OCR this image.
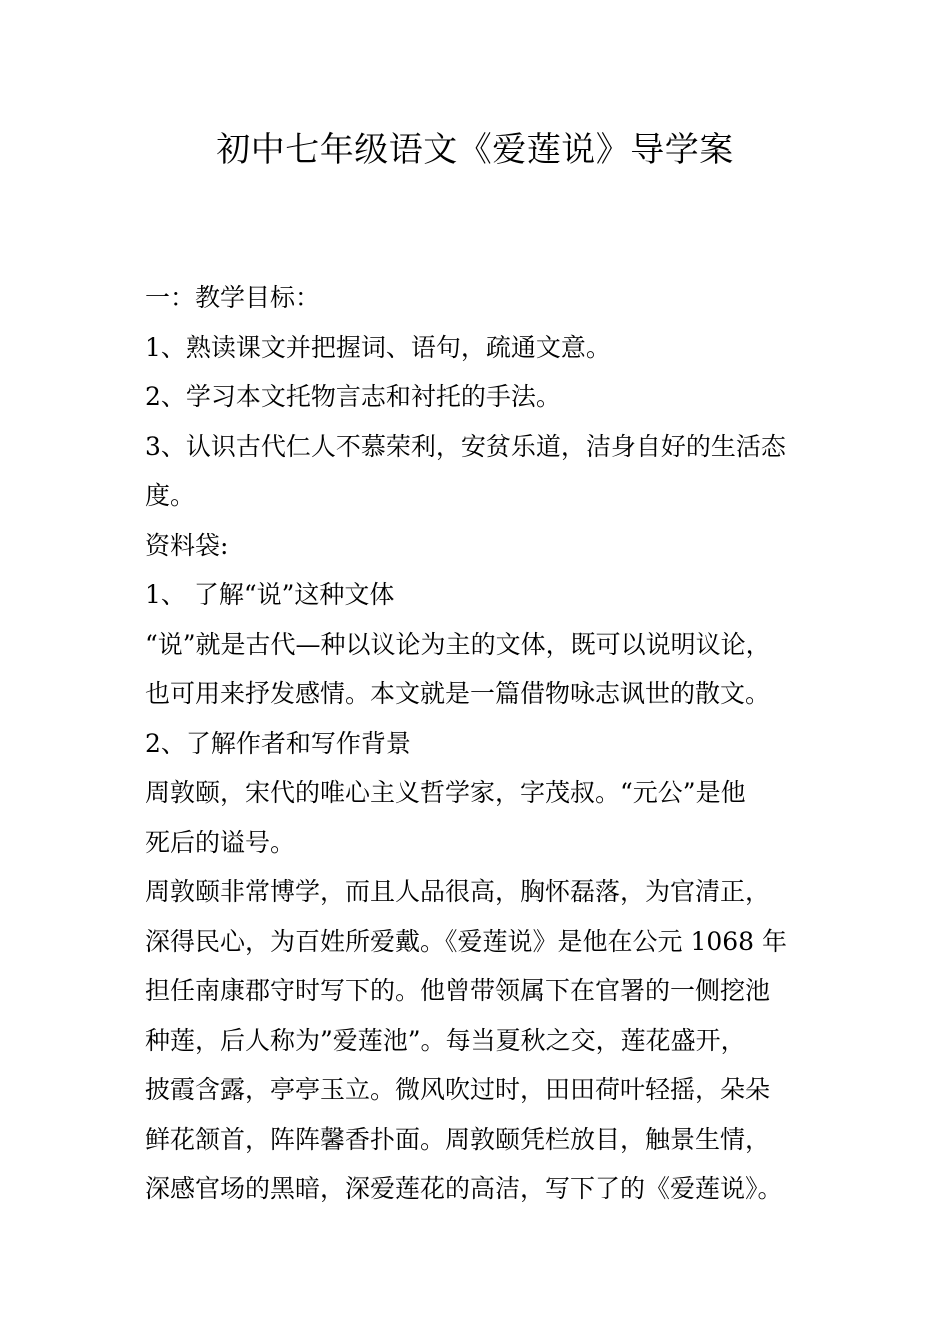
初中七年级语文《爱莲说》导学案
一：教学目标：
1、熟读课文并把握词、语句，疏通文意。
2、学习本文托物言志和衬托的手法。
3、认识古代仁人不慕荣利，安贫乐道，洁身自好的生活态
度。
资料袋:
1、 了解“说”这种文体
“说”就是古代—种以议论为主的文体，既可以说明议论，
也可用来抒发感情。本文就是一篇借物咏志讽世的散文。
2、了解作者和写作背景
周敦颐，宋代的唯心主义哲学家，字茂叔。“元公”是他
死后的谥号。
周敦颐非常博学，而且人品很高，胸怀磊落，为官清正，
深得民心，为百姓所爱戴。《爱莲说》是他在公元 1068 年
担任南康郡守时写下的。他曾带领属下在官署的一侧挖池
种莲，后人称为”爱莲池”。每当夏秋之交，莲花盛开，
披霞含露，亭亭玉立。微风吹过时，田田荷叶轻摇，朵朵
鲜花颔首，阵阵馨香扑面。周敦颐凭栏放目，触景生情，
深感官场的黑暗，深爱莲花的高洁，写下了的《爱莲说》。
